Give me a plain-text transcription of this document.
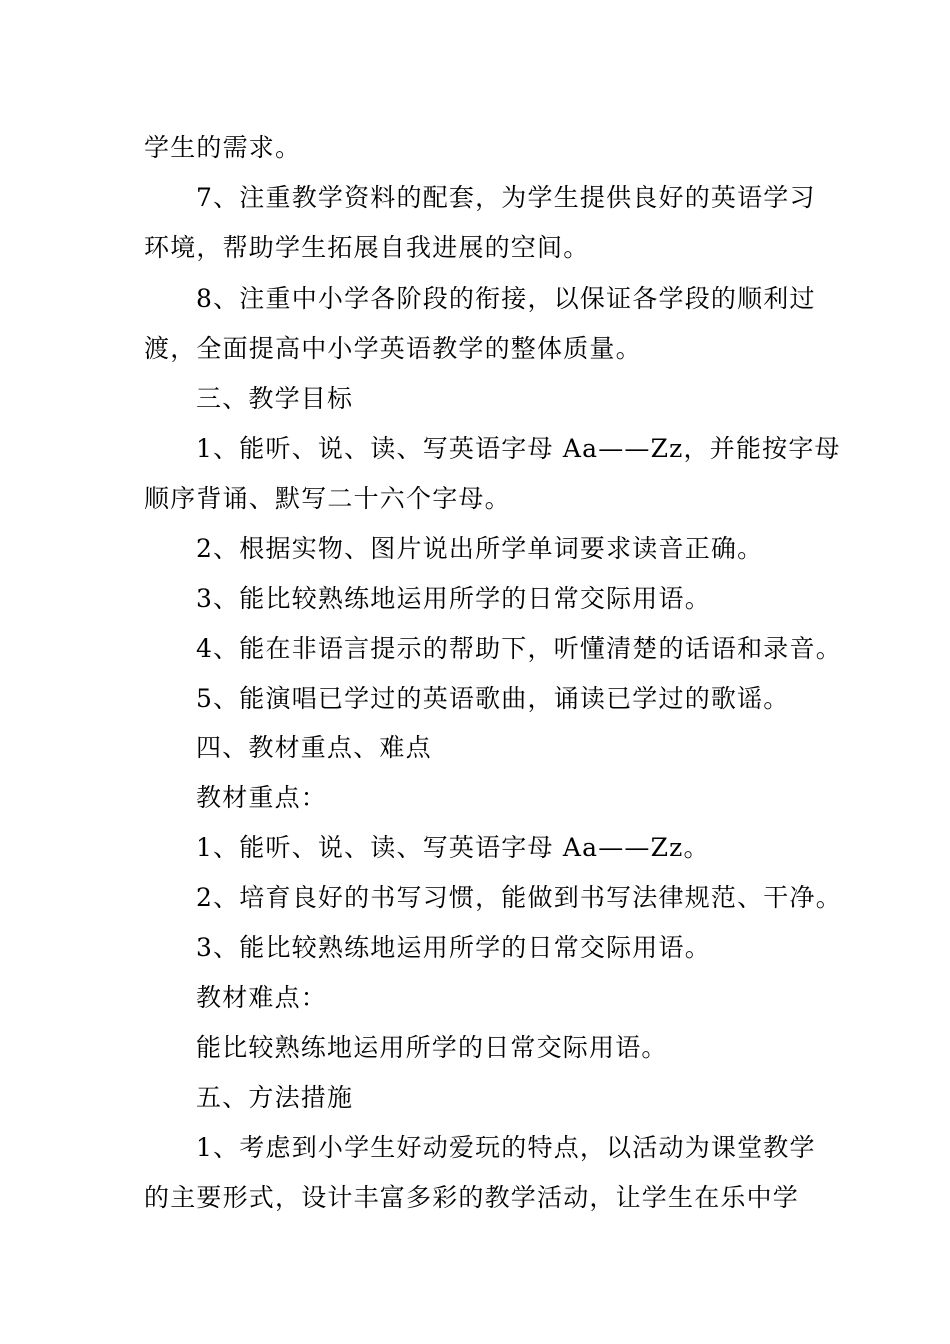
学生的需求。
7、注重教学资料的配套，为学生提供良好的英语学习
环境，帮助学生拓展自我进展的空间。
8、注重中小学各阶段的衔接，以保证各学段的顺利过
渡，全面提高中小学英语教学的整体质量。
三、教学目标
1、能听、说、读、写英语字母 Aa——Zz，并能按字母
顺序背诵、默写二十六个字母。
2、根据实物、图片说出所学单词要求读音正确。
3、能比较熟练地运用所学的日常交际用语。
4、能在非语言提示的帮助下，听懂清楚的话语和录音。
5、能演唱已学过的英语歌曲，诵读已学过的歌谣。
四、教材重点、难点
教材重点：
1、能听、说、读、写英语字母 Aa——Zz。
2、培育良好的书写习惯，能做到书写法律规范、干净。
3、能比较熟练地运用所学的日常交际用语。
教材难点：
能比较熟练地运用所学的日常交际用语。
五、方法措施
1、考虑到小学生好动爱玩的特点，以活动为课堂教学
的主要形式，设计丰富多彩的教学活动，让学生在乐中学
